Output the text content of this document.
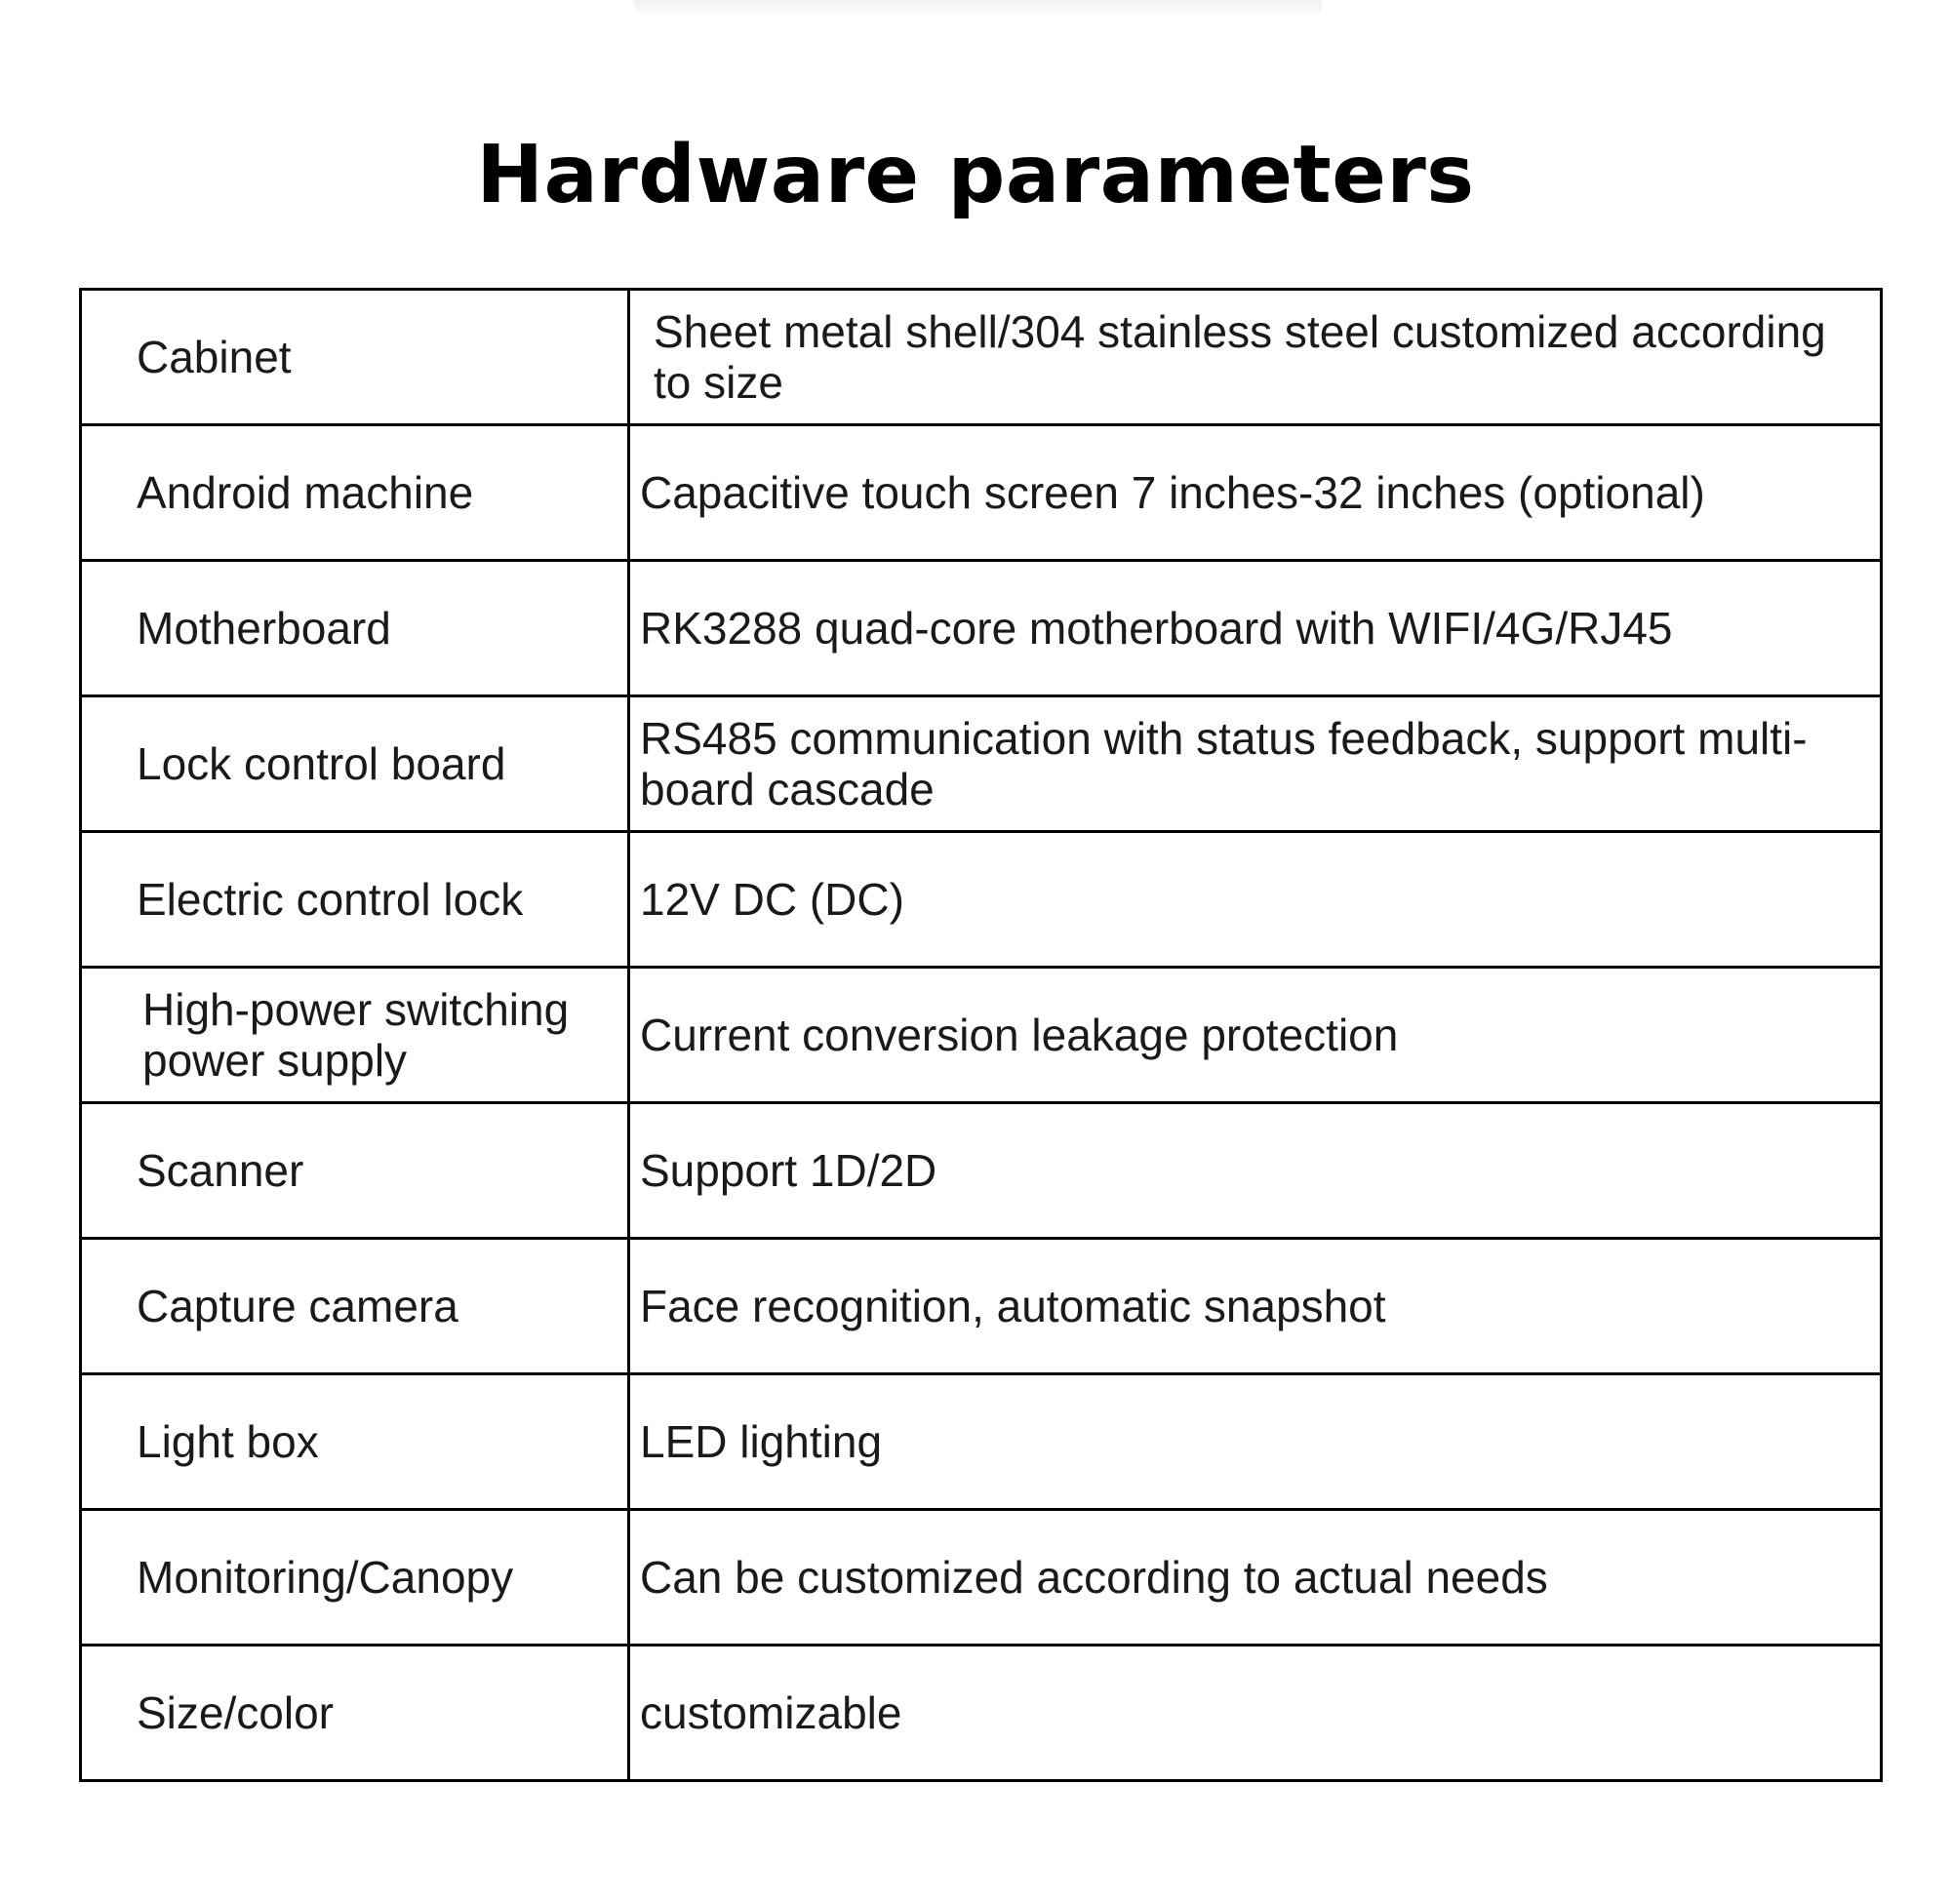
Hardware parameters
Cabinet	Sheet metal shell/304 stainless steel customized according to size
Android machine	Capacitive touch screen 7 inches-32 inches (optional)
Motherboard	RK3288 quad-core motherboard with WIFI/4G/RJ45
Lock control board	RS485 communication with status feedback, support multi-board cascade
Electric control lock	12V DC (DC)
High-power switching power supply	Current conversion leakage protection
Scanner	Support 1D/2D
Capture camera	Face recognition, automatic snapshot
Light box	LED lighting
Monitoring/Canopy	Can be customized according to actual needs
Size/color	customizable
